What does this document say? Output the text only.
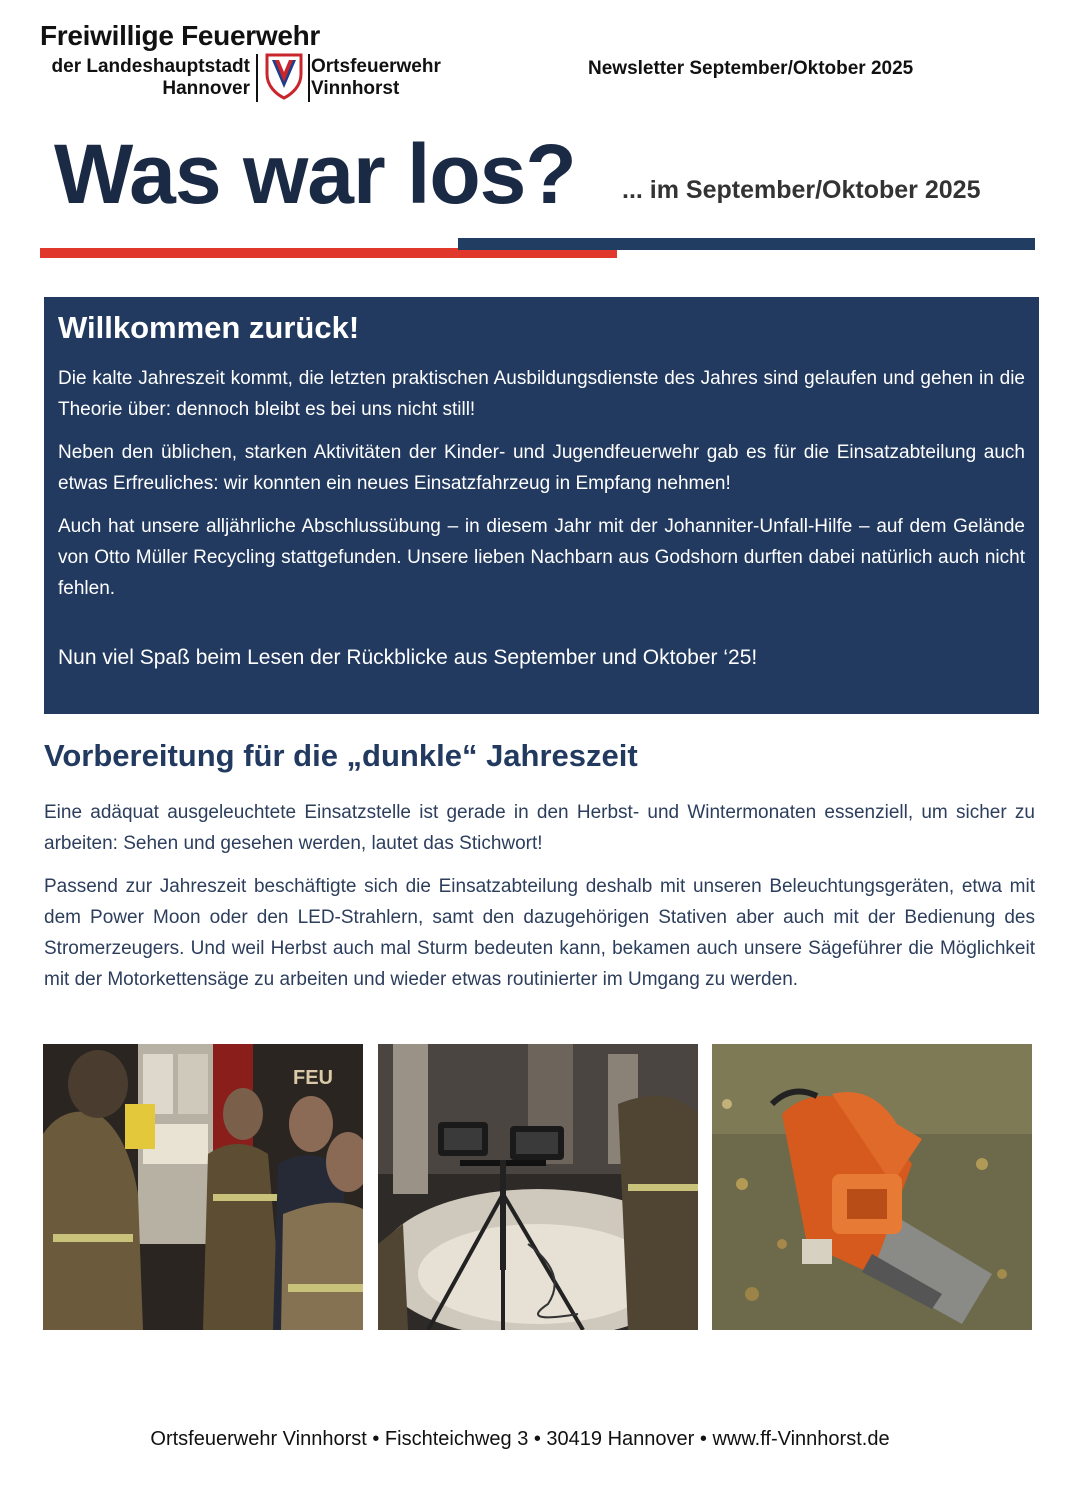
Freiwillige Feuerwehr
der Landeshauptstadt
Hannover
Ortsfeuerwehr
Vinnhorst
Newsletter September/Oktober 2025
Was war los? ... im September/Oktober 2025
Willkommen zurück!

Die kalte Jahreszeit kommt, die letzten praktischen Ausbildungsdienste des Jahres sind gelaufen und gehen in die Theorie über: dennoch bleibt es bei uns nicht still!

Neben den üblichen, starken Aktivitäten der Kinder- und Jugendfeuerwehr gab es für die Einsatzabteilung auch etwas Erfreuliches: wir konnten ein neues Einsatzfahrzeug in Empfang nehmen!

Auch hat unsere alljährliche Abschlussübung – in diesem Jahr mit der Johanniter-Unfall-Hilfe – auf dem Gelände von Otto Müller Recycling stattgefunden. Unsere lieben Nachbarn aus Godshorn durften dabei natürlich auch nicht fehlen.

Nun viel Spaß beim Lesen der Rückblicke aus September und Oktober ‘25!

Vorbereitung für die „dunkle“ Jahreszeit

Eine adäquat ausgeleuchtete Einsatzstelle ist gerade in den Herbst- und Wintermonaten essenziell, um sicher zu arbeiten: Sehen und gesehen werden, lautet das Stichwort!

Passend zur Jahreszeit beschäftigte sich die Einsatzabteilung deshalb mit unseren Beleuchtungsgeräten, etwa mit dem Power Moon oder den LED-Strahlern, samt den dazugehörigen Stativen aber auch mit der Bedienung des Stromerzeugers. Und weil Herbst auch mal Sturm bedeuten kann, bekamen auch unsere Sägeführer die Möglichkeit mit der Motorkettensäge zu arbeiten und wieder etwas routinierter im Umgang zu werden.

FEU
Ortsfeuerwehr Vinnhorst • Fischteichweg 3 • 30419 Hannover • www.ff-Vinnhorst.de
